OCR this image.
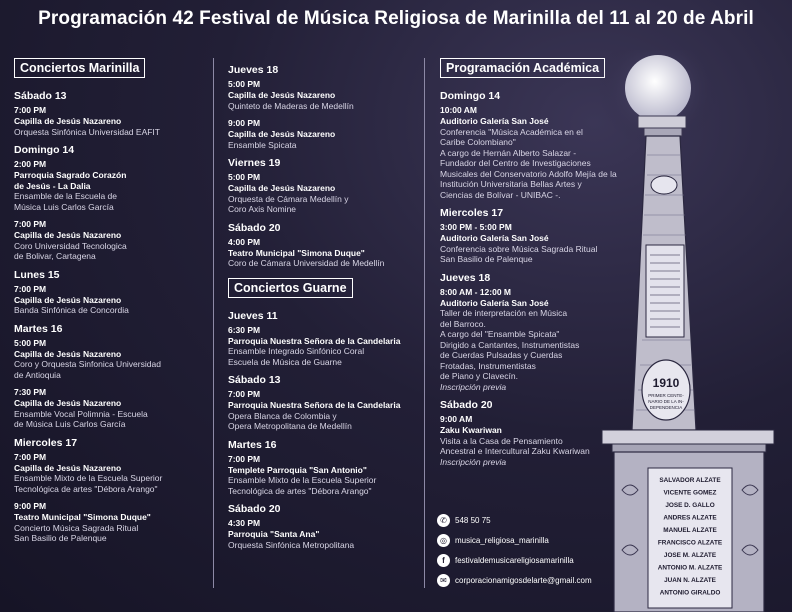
Programación 42 Festival de Música Religiosa de Marinilla del 11 al 20 de Abril
Conciertos Marinilla
Sábado 13
7:00 PM
Capilla de Jesús Nazareno
Orquesta Sinfónica Universidad EAFIT
Domingo 14
2:00 PM
Parroquia Sagrado Corazón
de Jesús - La Dalia
Ensamble de la Escuela de
Música Luis Carlos García
7:00 PM
Capilla de Jesús Nazareno
Coro Universidad Tecnologica
de Bolivar, Cartagena
Lunes 15
7:00 PM
Capilla de Jesús Nazareno
Banda Sinfónica de Concordia
Martes 16
5:00 PM
Capilla de Jesús Nazareno
Coro y Orquesta Sinfonica Universidad
de Antioquia
7:30 PM
Capilla de Jesús Nazareno
Ensamble Vocal Polimnia - Escuela
de Música Luis Carlos García
Miercoles 17
7:00 PM
Capilla de Jesús Nazareno
Ensamble Mixto de la Escuela Superior
Tecnológica de artes "Débora Arango"
9:00 PM
Teatro Municipal "Simona Duque"
Concierto Música Sagrada Ritual
San Basilio de Palenque
Jueves 18
5:00 PM
Capilla de Jesús Nazareno
Quinteto de Maderas de Medellín
9:00 PM
Capilla de Jesús Nazareno
Ensamble Spicata
Viernes 19
5:00 PM
Capilla de Jesús Nazareno
Orquesta de Cámara Medellín y
Coro Axis Nomine
Sábado 20
4:00 PM
Teatro Municipal "Simona Duque"
Coro de Cámara Universidad de Medellín
Conciertos Guarne
Jueves 11
6:30 PM
Parroquia Nuestra Señora de la Candelaria
Ensamble Integrado Sinfónico Coral
Escuela de Música de Guarne
Sábado 13
7:00 PM
Parroquia Nuestra Señora de la Candelaria
Opera Blanca de Colombia y
Opera Metropolitana de Medellín
Martes 16
7:00 PM
Templete Parroquia "San Antonio"
Ensamble Mixto de la Escuela Superior
Tecnológica de artes "Débora Arango"
Sábado 20
4:30 PM
Parroquia "Santa Ana"
Orquesta Sinfónica Metropolitana
Programación Académica
Domingo 14
10:00 AM
Auditorio Galería San José
Conferencia "Música Académica en el
Caribe Colombiano"
A cargo de Hernán Alberto Salazar -
Fundador del Centro de Investigaciones
Musicales del Conservatorio Adolfo Mejía de la
Institución Universitaria Bellas Artes y
Ciencias de Bolívar - UNIBAC -.
Miercoles 17
3:00 PM - 5:00 PM
Auditorio Galería San José
Conferencia sobre Música Sagrada Ritual
San Basilio de Palenque
Jueves 18
8:00 AM - 12:00 M
Auditorio Galería San José
Taller de interpretación en Música
del Barroco.
A cargo del "Ensamble Spicata"
Dirigido a Cantantes, Instrumentistas
de Cuerdas Pulsadas y Cuerdas
Frotadas, Instrumentistas
de Piano y Clavecín.
Inscripción previa
Sábado 20
9:00 AM
Zaku Kwariwan
Visita a la Casa de Pensamiento
Ancestral e Intercultural Zaku Kwariwan
Inscripción previa
✆	548 50 75
◎	musica_religiosa_marinilla
f	festivaldemusicareligiosamarinilla
✉	corporacionamigosdelarte@gmail.com
1910
PRIMER CENTE-
NARIO DE LA IN-
DEPENDENCIA
SALVADOR ALZATE
VICENTE GOMEZ
JOSE D. GALLO
ANDRES ALZATE
MANUEL ALZATE
FRANCISCO ALZATE
JOSE M. ALZATE
ANTONIO M. ALZATE
JUAN N. ALZATE
ANTONIO GIRALDO
